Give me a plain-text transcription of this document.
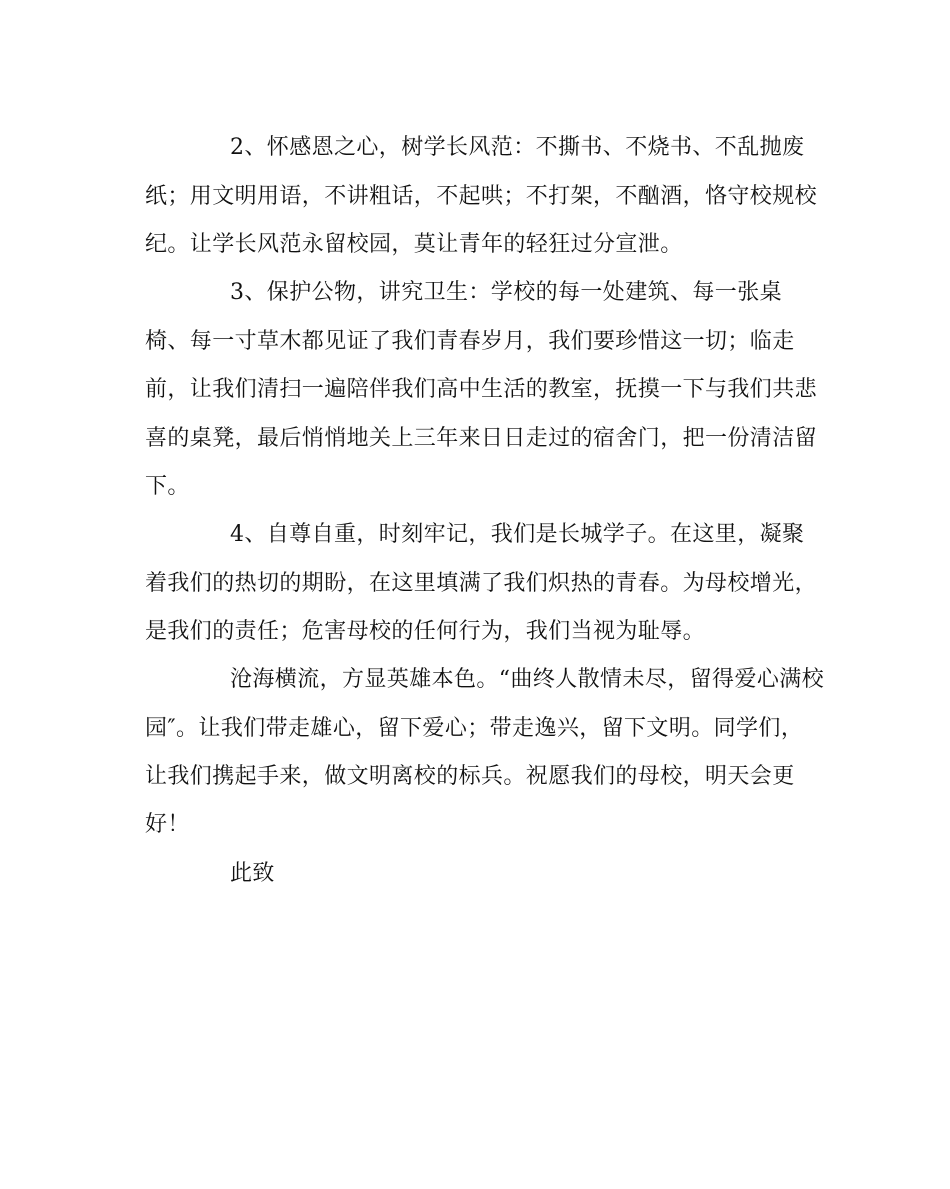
2、怀感恩之心，树学长风范：不撕书、不烧书、不乱抛废
纸；用文明用语，不讲粗话，不起哄；不打架，不酗酒，恪守校规校
纪。让学长风范永留校园，莫让青年的轻狂过分宣泄。
3、保护公物，讲究卫生：学校的每一处建筑、每一张桌
椅、每一寸草木都见证了我们青春岁月，我们要珍惜这一切；临走
前，让我们清扫一遍陪伴我们高中生活的教室，抚摸一下与我们共悲
喜的桌凳，最后悄悄地关上三年来日日走过的宿舍门，把一份清洁留
下。
4、自尊自重，时刻牢记，我们是长城学子。在这里，凝聚
着我们的热切的期盼，在这里填满了我们炽热的青春。为母校增光，
是我们的责任；危害母校的任何行为，我们当视为耻辱。
沧海横流，方显英雄本色。“曲终人散情未尽，留得爱心满校
园″。让我们带走雄心，留下爱心；带走逸兴，留下文明。同学们，
让我们携起手来，做文明离校的标兵。祝愿我们的母校，明天会更
好！
此致
